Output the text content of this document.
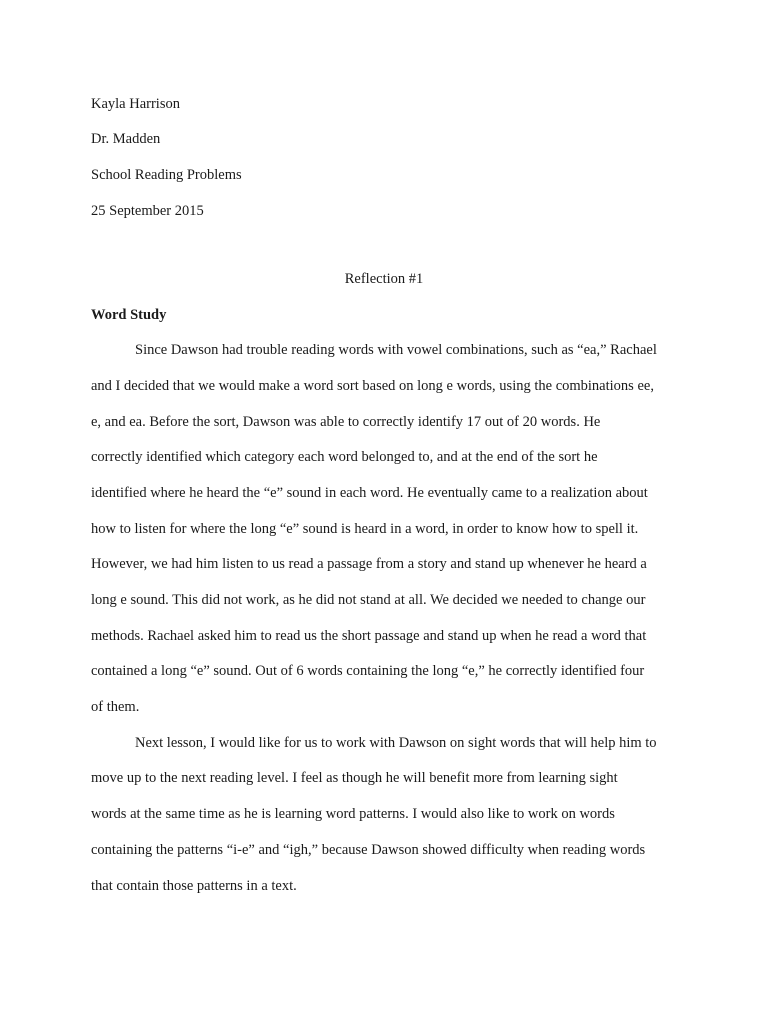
Kayla Harrison
Dr. Madden
School Reading Problems
25 September 2015
Reflection #1
Word Study
Since Dawson had trouble reading words with vowel combinations, such as “ea,” Rachael
and I decided that we would make a word sort based on long e words, using the combinations ee,
e, and ea. Before the sort, Dawson was able to correctly identify 17 out of 20 words. He
correctly identified which category each word belonged to, and at the end of the sort he
identified where he heard the “e” sound in each word. He eventually came to a realization about
how to listen for where the long “e” sound is heard in a word, in order to know how to spell it.
However, we had him listen to us read a passage from a story and stand up whenever he heard a
long e sound. This did not work, as he did not stand at all. We decided we needed to change our
methods. Rachael asked him to read us the short passage and stand up when he read a word that
contained a long “e” sound. Out of 6 words containing the long “e,” he correctly identified four
of them.
Next lesson, I would like for us to work with Dawson on sight words that will help him to
move up to the next reading level. I feel as though he will benefit more from learning sight
words at the same time as he is learning word patterns. I would also like to work on words
containing the patterns “i-e” and “igh,” because Dawson showed difficulty when reading words
that contain those patterns in a text.
